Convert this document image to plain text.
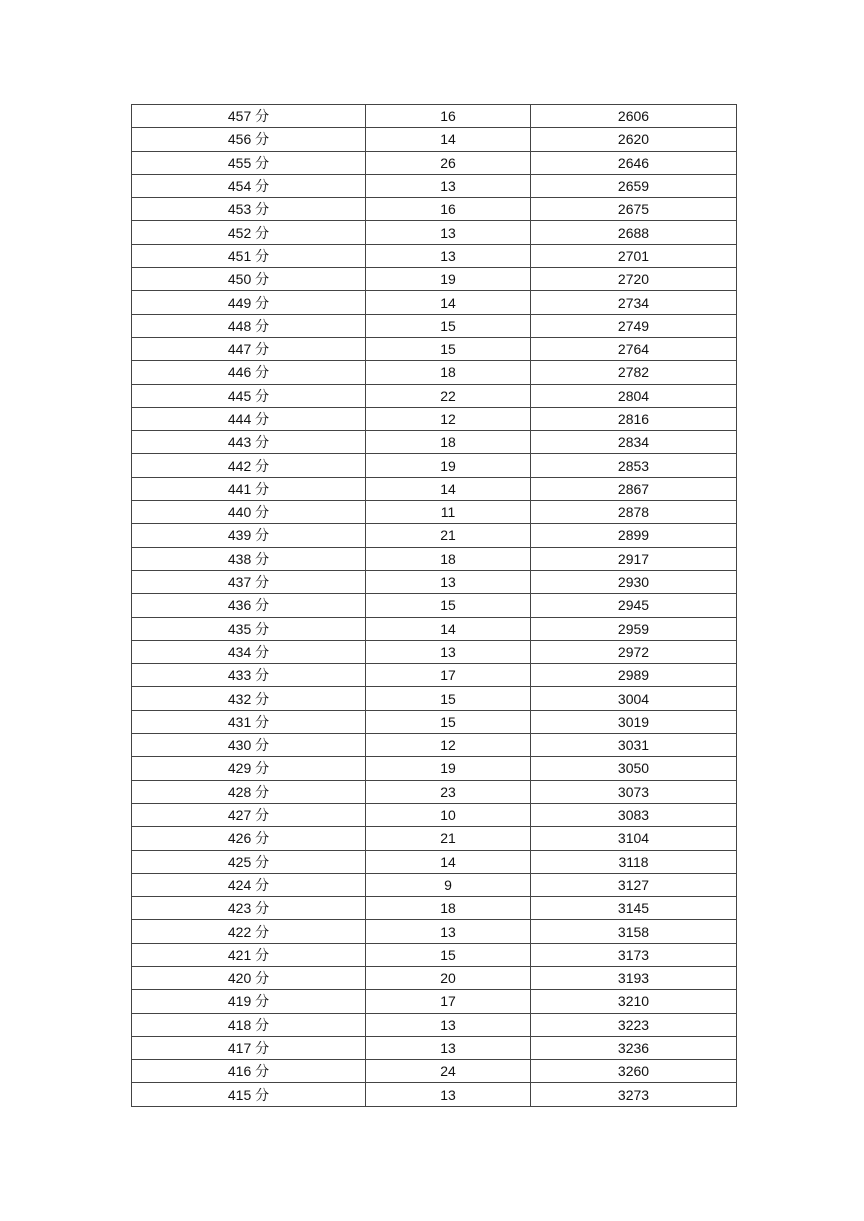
457 分	16	2606
456 分	14	2620
455 分	26	2646
454 分	13	2659
453 分	16	2675
452 分	13	2688
451 分	13	2701
450 分	19	2720
449 分	14	2734
448 分	15	2749
447 分	15	2764
446 分	18	2782
445 分	22	2804
444 分	12	2816
443 分	18	2834
442 分	19	2853
441 分	14	2867
440 分	11	2878
439 分	21	2899
438 分	18	2917
437 分	13	2930
436 分	15	2945
435 分	14	2959
434 分	13	2972
433 分	17	2989
432 分	15	3004
431 分	15	3019
430 分	12	3031
429 分	19	3050
428 分	23	3073
427 分	10	3083
426 分	21	3104
425 分	14	3118
424 分	9	3127
423 分	18	3145
422 分	13	3158
421 分	15	3173
420 分	20	3193
419 分	17	3210
418 分	13	3223
417 分	13	3236
416 分	24	3260
415 分	13	3273
